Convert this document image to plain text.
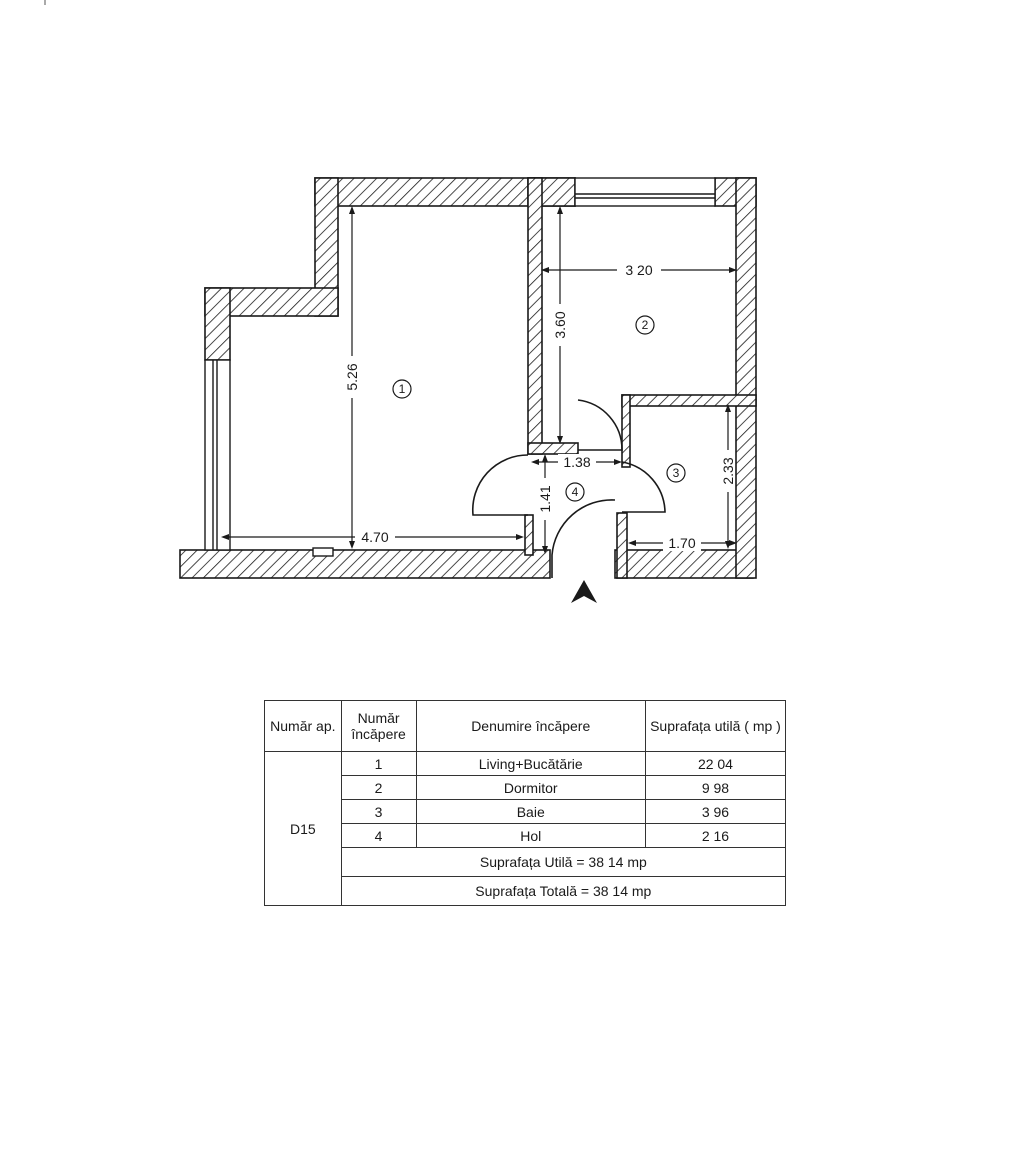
5.26
4.70
3 20
3.60
1.38
1.41
2.33
1.70
1
2
3
4
Număr ap.	Număr încăpere	Denumire încăpere	Suprafața utilă ( mp )
D15	1	Living+Bucătărie	22 04
	2	Dormitor	9 98
	3	Baie	3 96
	4	Hol	2 16
	Suprafața Utilă = 38 14 mp		
	Suprafața Totală = 38 14 mp		
